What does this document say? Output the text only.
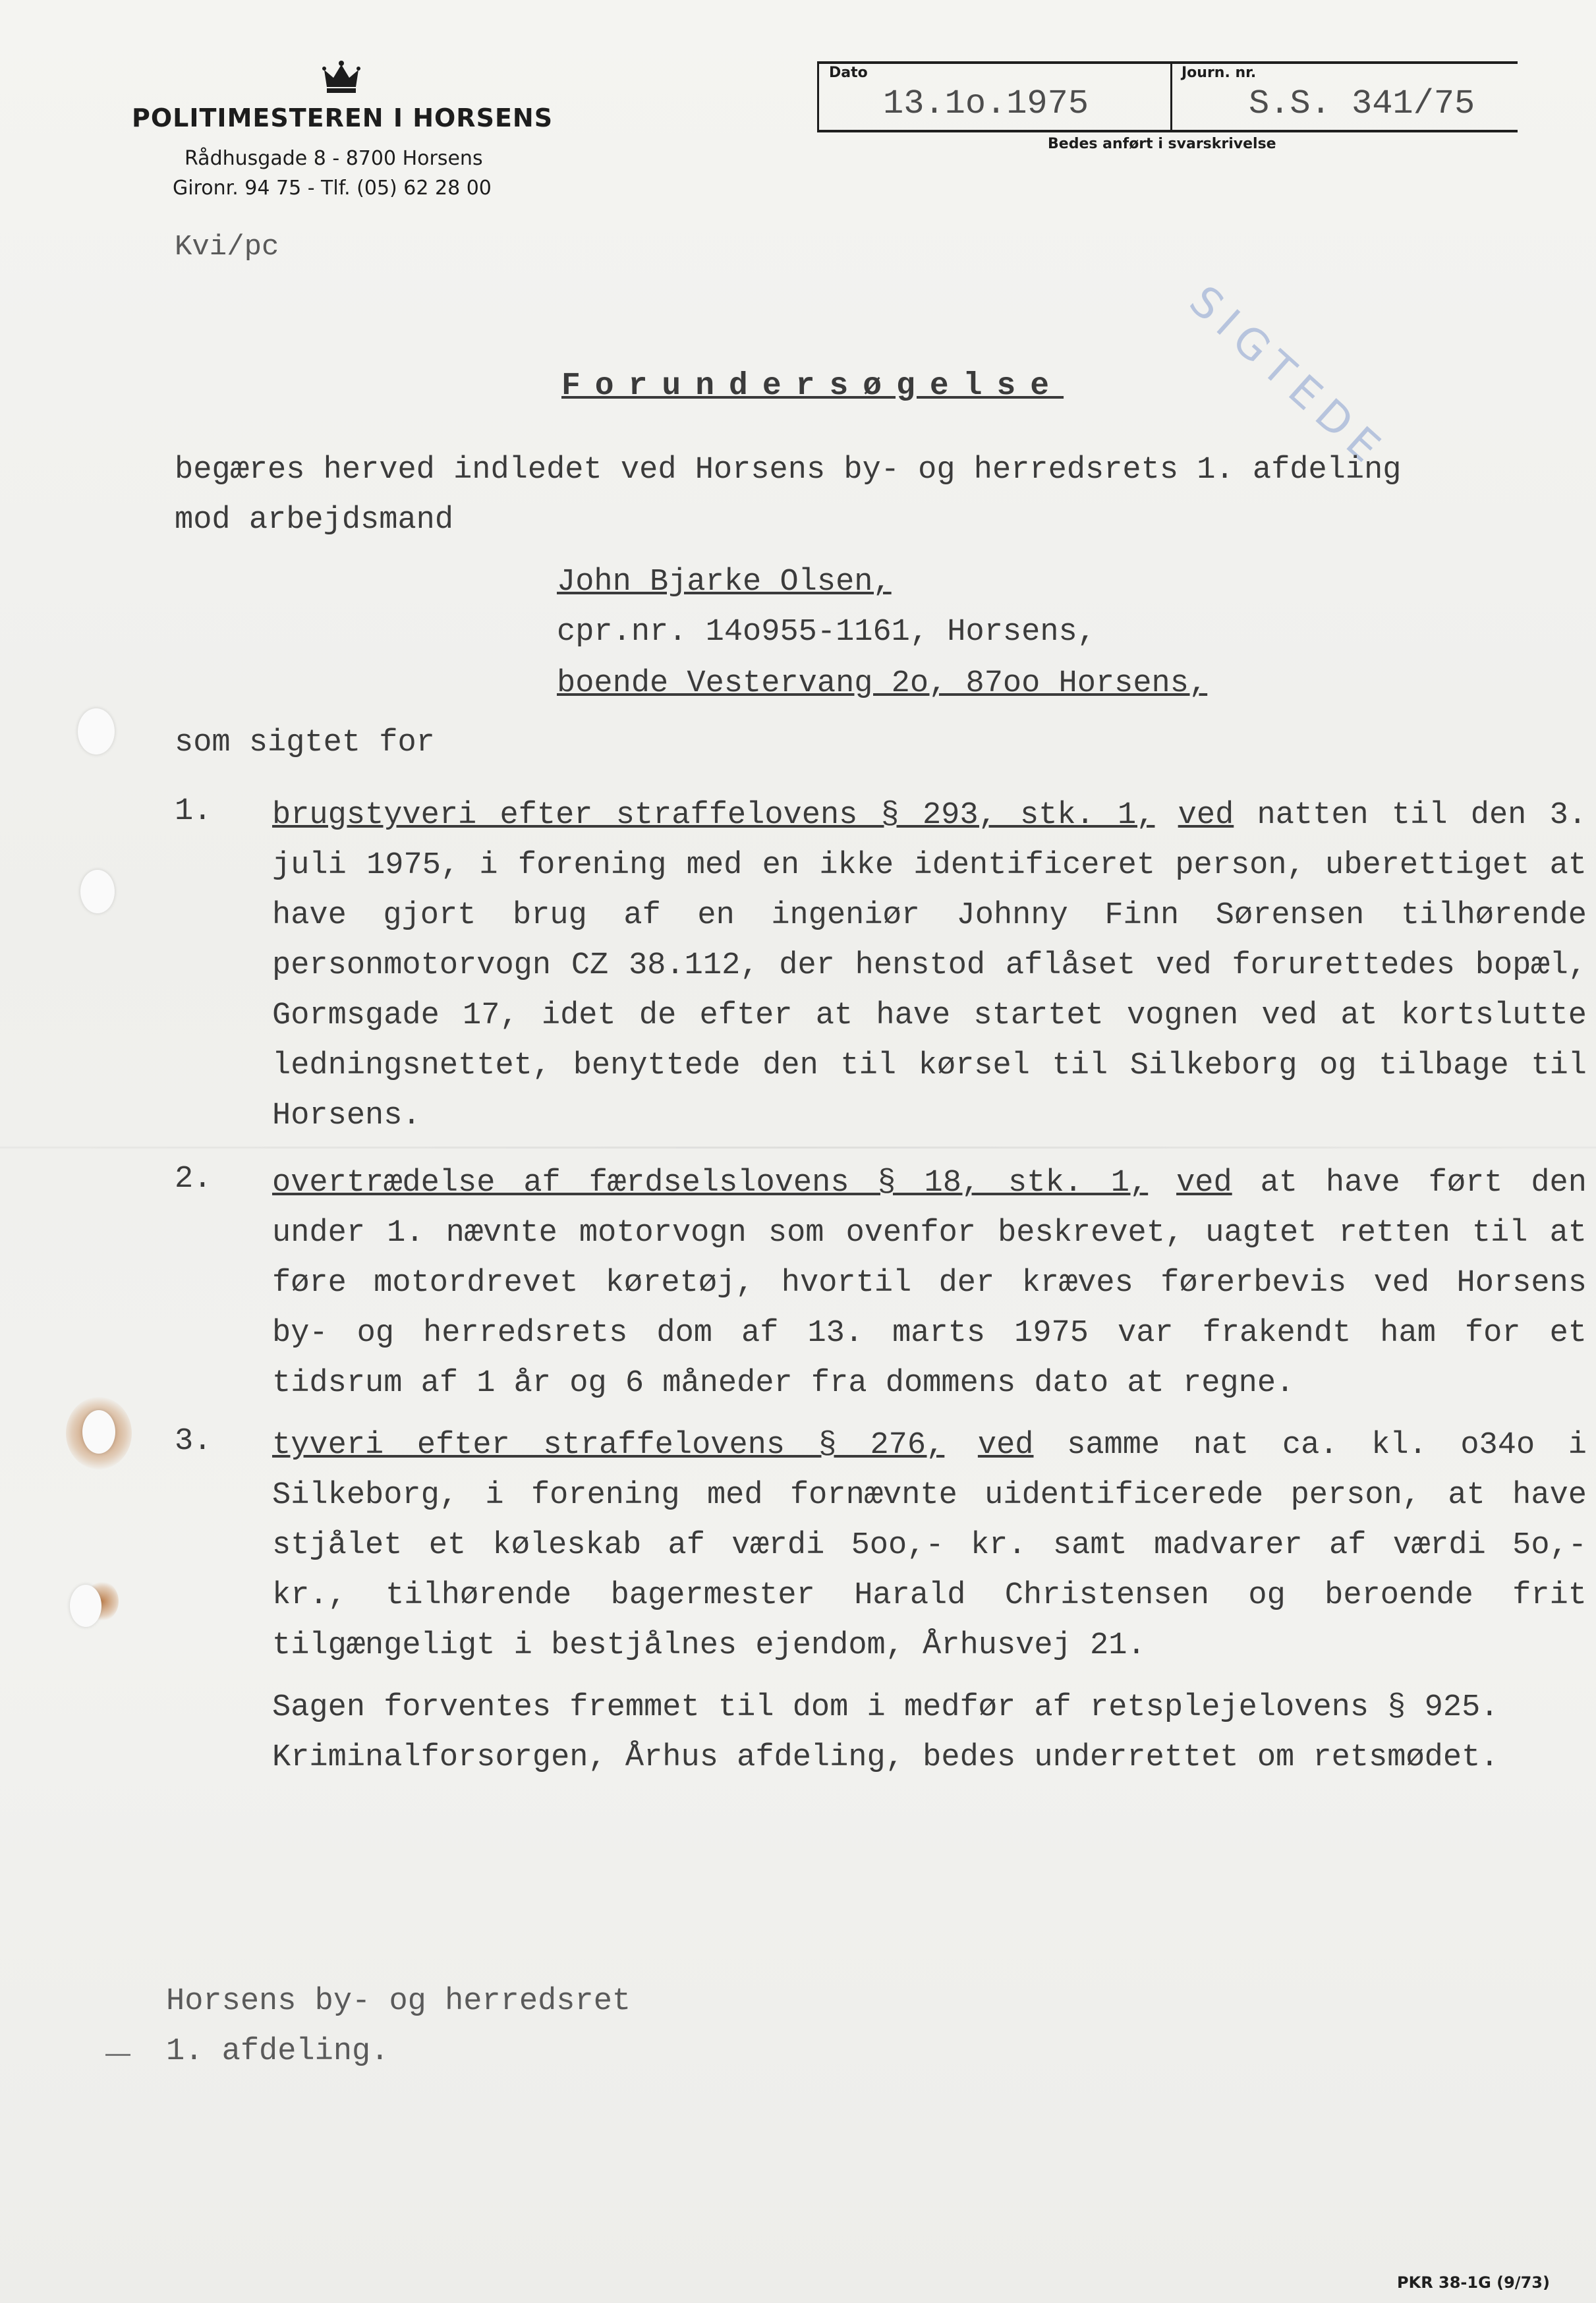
POLITIMESTEREN I HORSENS
Rådhusgade 8 - 8700 Horsens
Gironr. 94 75 - Tlf. (05) 62 28 00
Dato	Journ. nr.
13.1o.1975	S.S. 341/75
Bedes anført i svarskrivelse
Kvi/pc
SIGTEDE
Forundersøgelse
begæres herved indledet ved Horsens by- og herredsrets 1. afdeling
mod arbejdsmand
John Bjarke Olsen,
cpr.nr. 14o955-1161, Horsens,
boende Vestervang 2o, 87oo Horsens,
som sigtet for
1. brugstyveri efter straffelovens § 293, stk. 1, ved natten til den 3. juli 1975, i forening med en ikke identificeret person, uberettiget at have gjort brug af en ingeniør Johnny Finn Sørensen tilhørende personmotorvogn CZ 38.112, der henstod aflåset ved forurettedes bopæl, Gormsgade 17, idet de efter at have startet vognen ved at kortslutte ledningsnettet, benyttede den til kørsel til Silkeborg og tilbage til Horsens.
2. overtrædelse af færdselslovens § 18, stk. 1, ved at have ført den under 1. nævnte motorvogn som ovenfor beskrevet, uagtet retten til at føre motordrevet køretøj, hvortil der kræves førerbevis ved Horsens by- og herredsrets dom af 13. marts 1975 var frakendt ham for et tidsrum af 1 år og 6 måneder fra dommens dato at regne.
3. tyveri efter straffelovens § 276, ved samme nat ca. kl. o34o i Silkeborg, i forening med fornævnte uidentificerede person, at have stjålet et køleskab af værdi 5oo,- kr. samt madvarer af værdi 5o,- kr., tilhørende bagermester Harald Christensen og beroende frit tilgængeligt i bestjålnes ejendom, Århusvej 21.
Sagen forventes fremmet til dom i medfør af retsplejelovens § 925.
Kriminalforsorgen, Århus afdeling, bedes underrettet om retsmødet.
Horsens by- og herredsret
1. afdeling.
PKR 38-1G (9/73)
